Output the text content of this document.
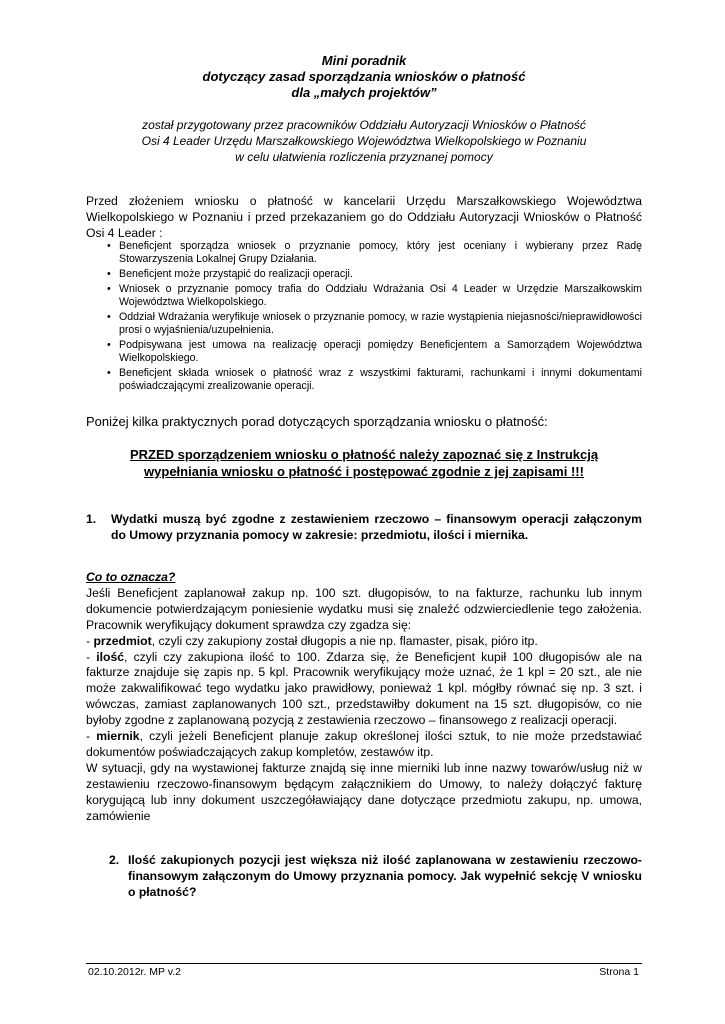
Mini poradnik
dotyczący zasad sporządzania wniosków o płatność
dla „małych projektów”
został przygotowany przez pracowników Oddziału Autoryzacji Wniosków o Płatność
Osi 4 Leader Urzędu Marszałkowskiego Województwa Wielkopolskiego w Poznaniu
w celu ułatwienia rozliczenia przyznanej pomocy
Przed złożeniem wniosku o płatność w kancelarii Urzędu Marszałkowskiego Województwa Wielkopolskiego w Poznaniu i przed przekazaniem go do Oddziału Autoryzacji Wniosków o Płatność Osi 4 Leader :
• Beneficjent sporządza wniosek o przyznanie pomocy, który jest oceniany i wybierany przez Radę Stowarzyszenia Lokalnej Grupy Działania.
• Beneficjent może przystąpić do realizacji operacji.
• Wniosek o przyznanie pomocy trafia do Oddziału Wdrażania Osi 4 Leader w Urzędzie Marszałkowskim Województwa Wielkopolskiego.
• Oddział Wdrażania weryfikuje wniosek o przyznanie pomocy, w razie wystąpienia niejasności/nieprawidłowości prosi o wyjaśnienia/uzupełnienia.
• Podpisywana jest umowa na realizację operacji pomiędzy Beneficjentem a Samorządem Województwa Wielkopolskiego.
• Beneficjent składa wniosek o płatność wraz z wszystkimi fakturami, rachunkami i innymi dokumentami poświadczającymi zrealizowanie operacji.
Poniżej kilka praktycznych porad dotyczących sporządzania wniosku o płatność:
PRZED sporządzeniem wniosku o płatność należy zapoznać się z Instrukcją
wypełniania wniosku o płatność i postępować zgodnie z jej zapisami !!!
1.	Wydatki muszą być zgodne z zestawieniem rzeczowo – finansowym operacji załączonym do Umowy przyznania pomocy w zakresie: przedmiotu, ilości i miernika.

Co to oznacza?

Jeśli Beneficjent zaplanował zakup np. 100 szt. długopisów, to na fakturze, rachunku lub innym dokumencie potwierdzającym poniesienie wydatku musi się znaleźć odzwierciedlenie tego założenia. Pracownik weryfikujący dokument sprawdza czy zgadza się:

- przedmiot, czyli czy zakupiony został długopis a nie np. flamaster, pisak, pióro itp.

- ilość, czyli czy zakupiona ilość to 100. Zdarza się, że Beneficjent kupił 100 długopisów ale na fakturze znajduje się zapis np. 5 kpl. Pracownik weryfikujący może uznać, że 1 kpl = 20 szt., ale nie może zakwalifikować tego wydatku jako prawidłowy, ponieważ 1 kpl. mógłby równać się np. 3 szt. i wówczas, zamiast zaplanowanych 100 szt., przedstawiłby dokument na 15 szt. długopisów, co nie byłoby zgodne z zaplanowaną pozycją z zestawienia rzeczowo – finansowego z realizacji operacji.

- miernik, czyli jeżeli Beneficjent planuje zakup określonej ilości sztuk, to nie może przedstawiać dokumentów poświadczających zakup kompletów, zestawów itp.

W sytuacji, gdy na wystawionej fakturze znajdą się inne mierniki lub inne nazwy towarów/usług niż w zestawieniu rzeczowo-finansowym będącym załącznikiem do Umowy, to należy dołączyć fakturę korygującą lub inny dokument uszczegóławiający dane dotyczące przedmiotu zakupu, np. umowa, zamówienie

2. Ilość zakupionych pozycji jest większa niż ilość zaplanowana w zestawieniu rzeczowo-finansowym załączonym do Umowy przyznania pomocy. Jak wypełnić sekcję V wniosku o płatność?
02.10.2012r. MP v.2	Strona 1
